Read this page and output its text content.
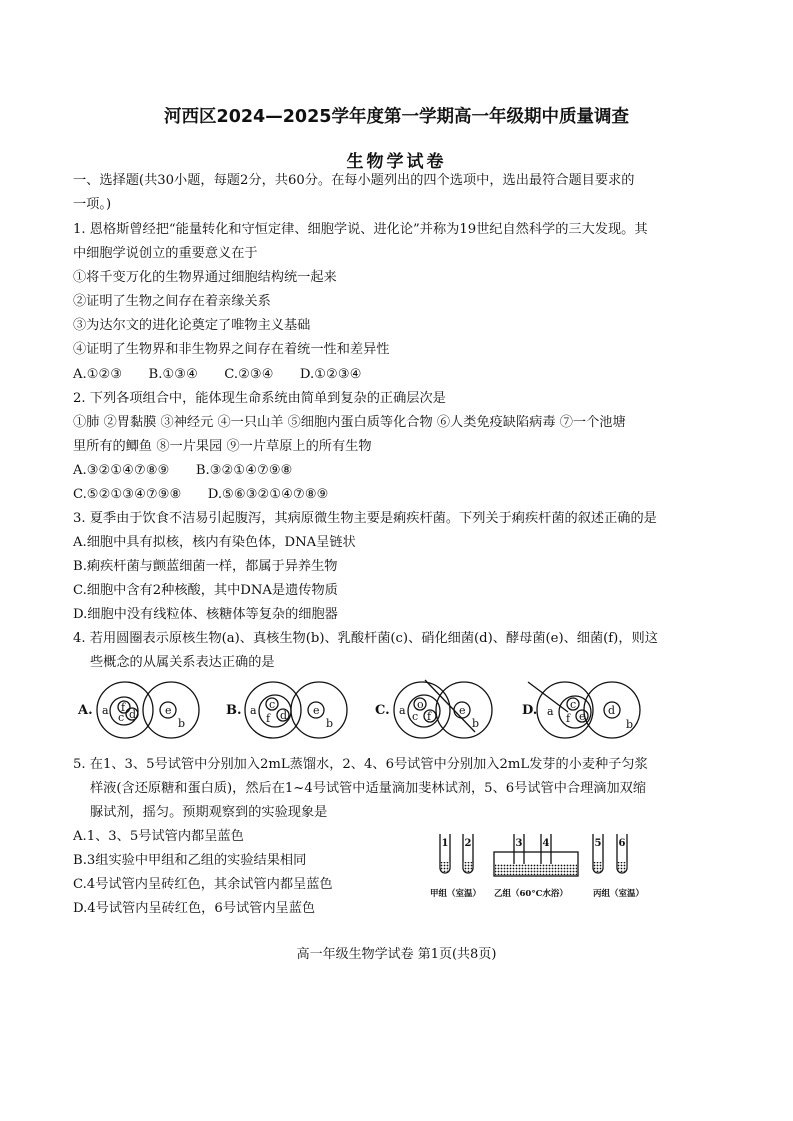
河西区2024—2025学年度第一学期高一年级期中质量调查
生物学试卷
一、选择题(共30小题，每题2分，共60分。在每小题列出的四个选项中，选出最符合题目要求的
一项。)
1. 恩格斯曾经把“能量转化和守恒定律、细胞学说、进化论”并称为19世纪自然科学的三大发现。其
中细胞学说创立的重要意义在于
①将千变万化的生物界通过细胞结构统一起来
②证明了生物之间存在着亲缘关系
③为达尔文的进化论奠定了唯物主义基础
④证明了生物界和非生物界之间存在着统一性和差异性
A.①②③　　B.①③④　　C.②③④　　D.①②③④
2. 下列各项组合中，能体现生命系统由简单到复杂的正确层次是
①肺 ②胃黏膜 ③神经元 ④一只山羊 ⑤细胞内蛋白质等化合物 ⑥人类免疫缺陷病毒 ⑦一个池塘
里所有的鲫鱼 ⑧一片果园 ⑨一片草原上的所有生物
A.③②①④⑦⑧⑨　　B.③②①④⑦⑨⑧
C.⑤②①③④⑦⑨⑧　　D.⑤⑥③②①④⑦⑧⑨
3. 夏季由于饮食不洁易引起腹泻，其病原微生物主要是痢疾杆菌。下列关于痢疾杆菌的叙述正确的是
A.细胞中具有拟核，核内有染色体，DNA呈链状
B.痢疾杆菌与颤蓝细菌一样，都属于异养生物
C.细胞中含有2种核酸，其中DNA是遗传物质
D.细胞中没有线粒体、核糖体等复杂的细胞器
4. 若用圆圈表示原核生物(a)、真核生物(b)、乳酸杆菌(c)、硝化细菌(d)、酵母菌(e)、细菌(f)，则这
些概念的从属关系表达正确的是
A. a f
c d	e
b
B. a c
f d e
b
C. a o
c f	e
b
D. a
c
f e d
b
5. 在1、3、5号试管中分别加入2mL蒸馏水，2、4、6号试管中分别加入2mL发芽的小麦种子匀浆
样液(含还原糖和蛋白质)，然后在1~4号试管中适量滴加斐林试剂，5、6号试管中合理滴加双缩
脲试剂，摇匀。预期观察到的实验现象是
A.1、3、5号试管内都呈蓝色
B.3组实验中甲组和乙组的实验结果相同
C.4号试管内呈砖红色，其余试管内都呈蓝色
D.4号试管内呈砖红色，6号试管内呈蓝色
1 2	3 4	5 6
甲组（室温） 乙组（60°C水浴）	丙组（室温）
高一年级生物学试卷 第1页(共8页)
